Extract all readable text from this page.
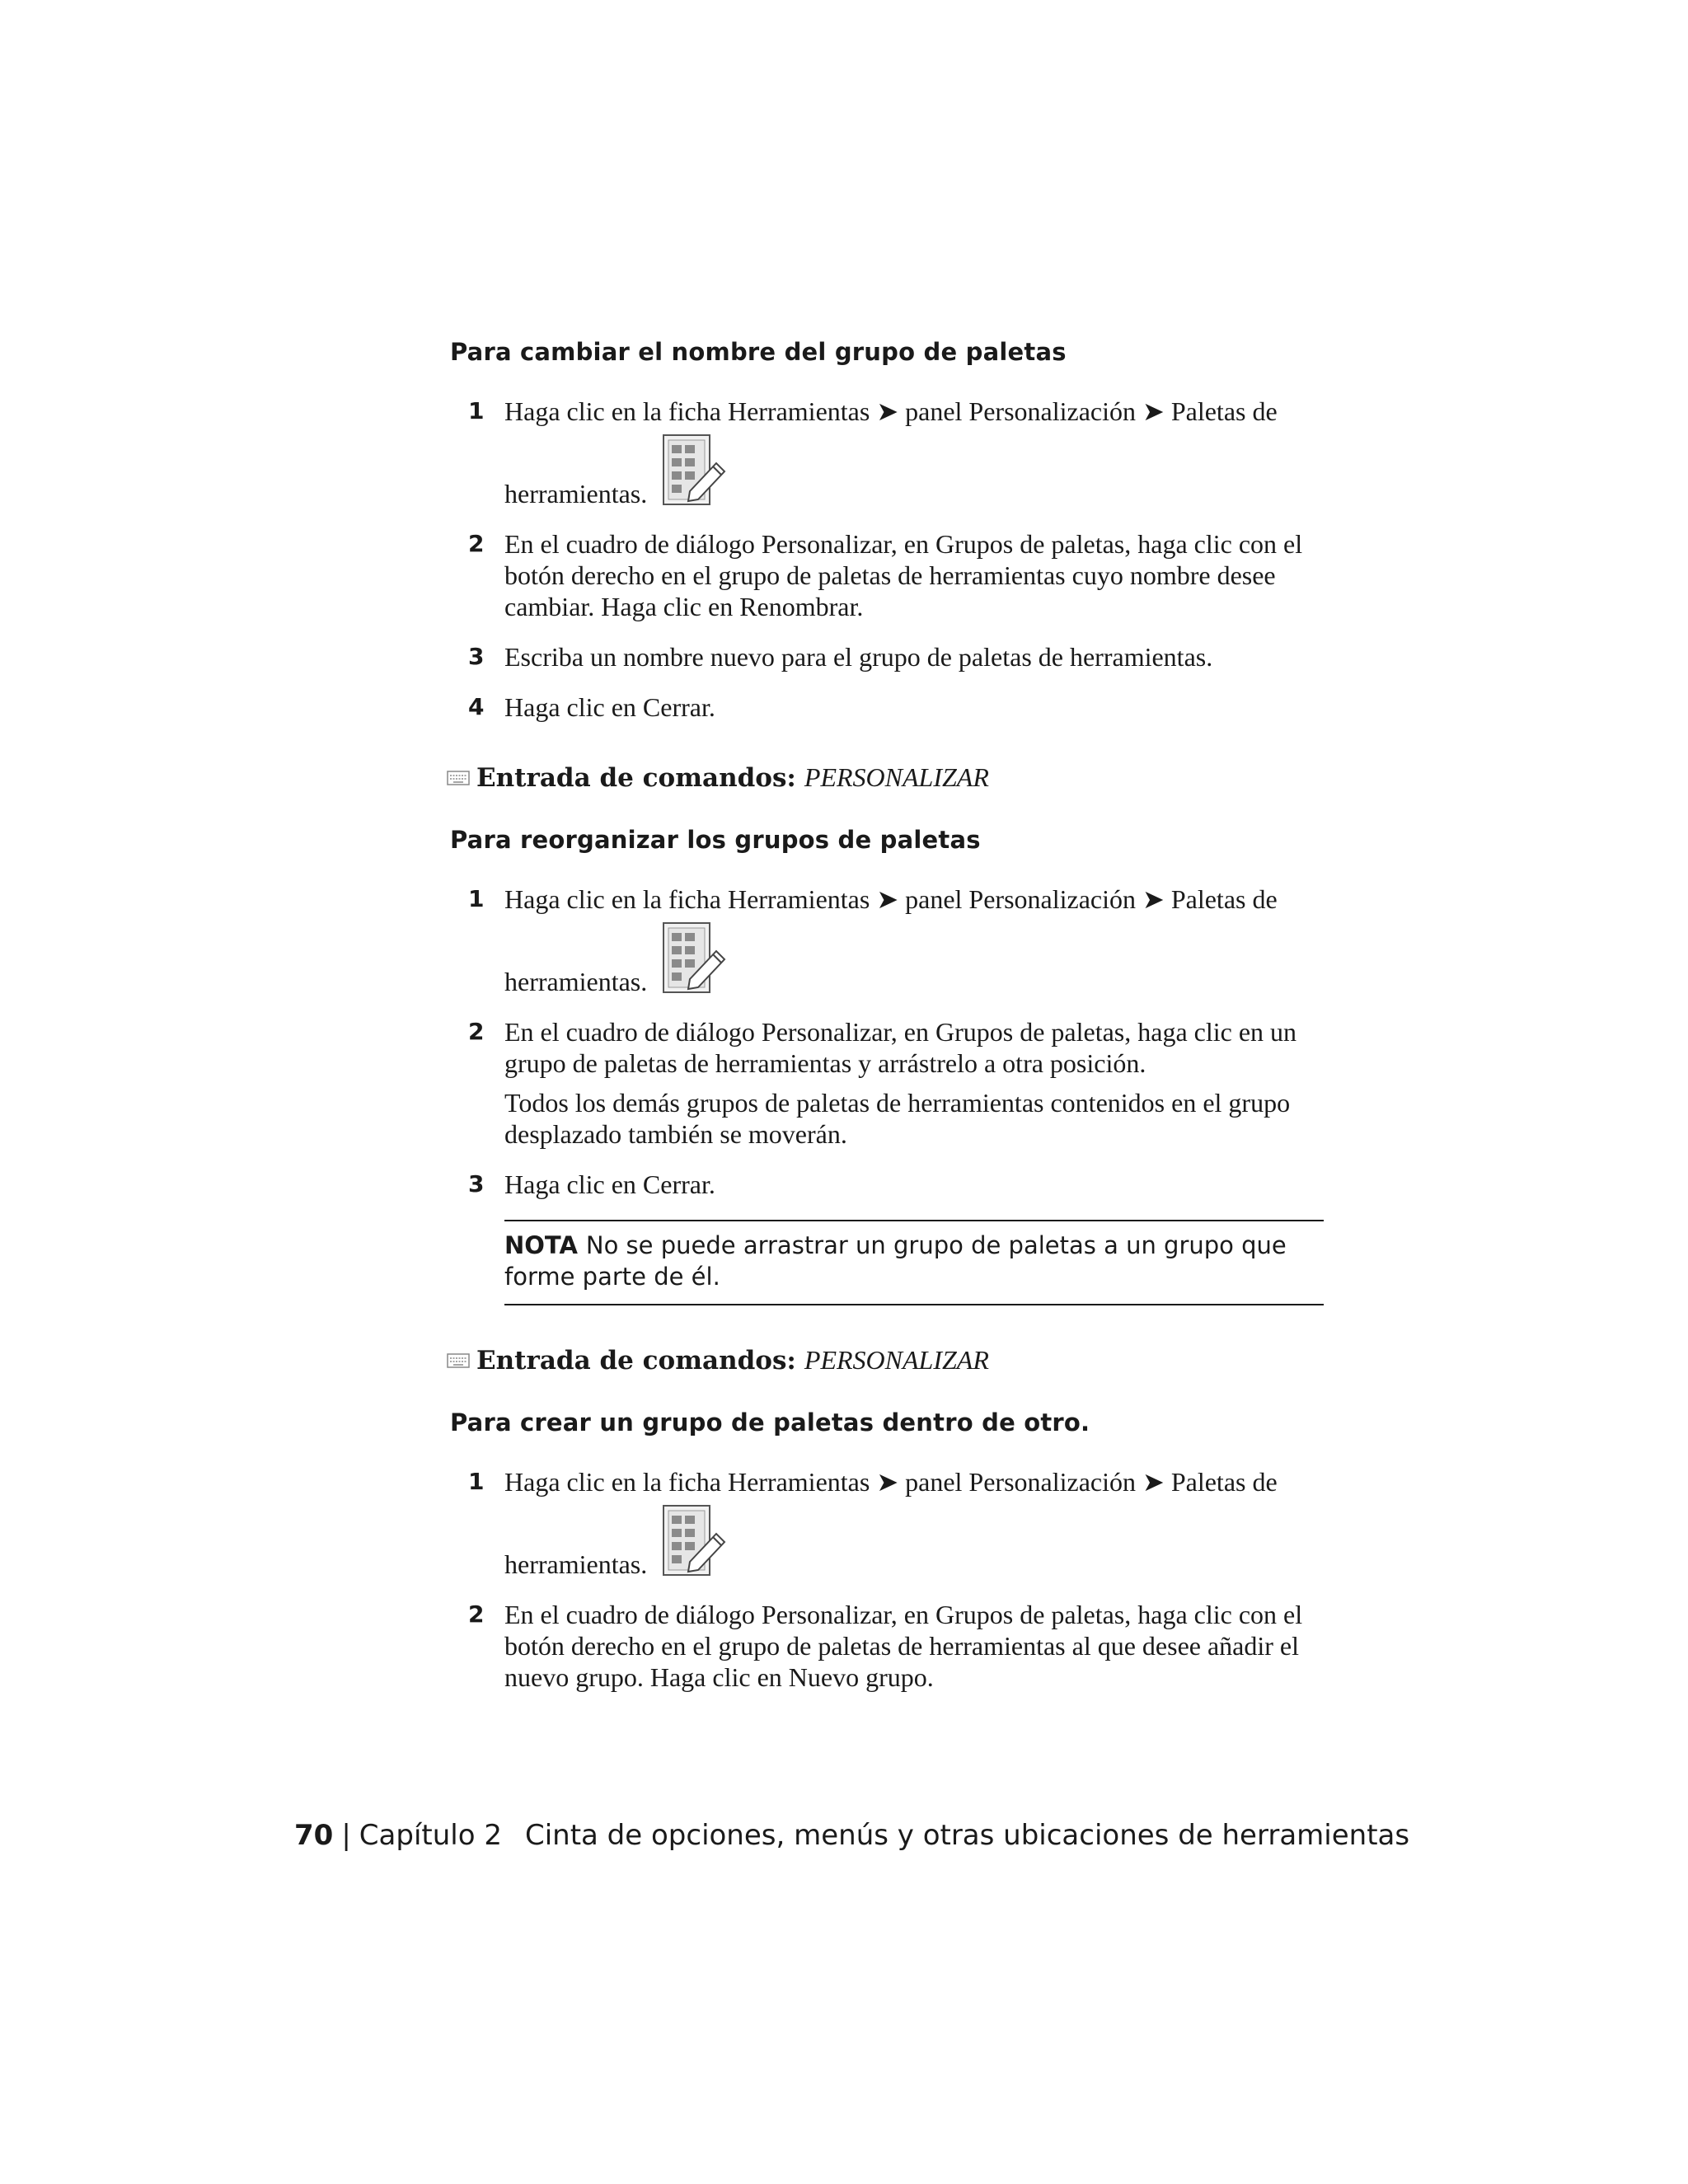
Para cambiar el nombre del grupo de paletas
1 Haga clic en la ficha Herramientas ➤ panel Personalización ➤ Paletas de
herramientas.
2 En el cuadro de diálogo Personalizar, en Grupos de paletas, haga clic con el botón derecho en el grupo de paletas de herramientas cuyo nombre desee cambiar. Haga clic en Renombrar.
3 Escriba un nombre nuevo para el grupo de paletas de herramientas.
4 Haga clic en Cerrar.
Entrada de comandos: PERSONALIZAR
Para reorganizar los grupos de paletas
1 Haga clic en la ficha Herramientas ➤ panel Personalización ➤ Paletas de
herramientas.
2 En el cuadro de diálogo Personalizar, en Grupos de paletas, haga clic en un grupo de paletas de herramientas y arrástrelo a otra posición.
Todos los demás grupos de paletas de herramientas contenidos en el grupo desplazado también se moverán.
3 Haga clic en Cerrar.
NOTA No se puede arrastrar un grupo de paletas a un grupo que forme parte de él.
Entrada de comandos: PERSONALIZAR
Para crear un grupo de paletas dentro de otro.
1 Haga clic en la ficha Herramientas ➤ panel Personalización ➤ Paletas de
herramientas.
2 En el cuadro de diálogo Personalizar, en Grupos de paletas, haga clic con el botón derecho en el grupo de paletas de herramientas al que desee añadir el nuevo grupo. Haga clic en Nuevo grupo.
70 | Capítulo 2 Cinta de opciones, menús y otras ubicaciones de herramientas
